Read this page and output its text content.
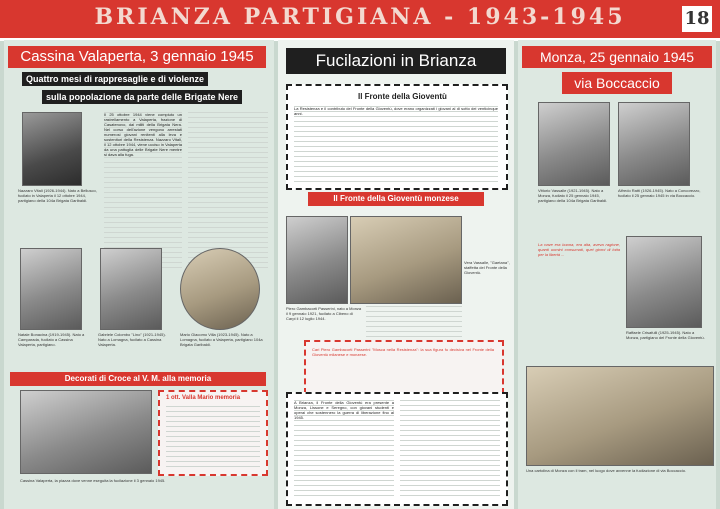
BRIANZA PARTIGIANA - 1943-1945	18
Cassina Valaperta, 3 gennaio 1945
Quattro mesi di rappresaglie e di violenze
sulla popolazione da parte delle Brigate Nere
Nazzaro Vitali (1926-1944). Nato a Bellusco, fucilato in Valaperta il 12 ottobre 1944, partigiano della 104a Brigata Garibaldi.
Il 25 ottobre 1944 viene compiuto un rastrellamento a Valaperta, frazione di Casatenovo, dai militi della Brigata Nera. Nel corso dell'azione vengono arrestati numerosi giovani renitenti alla leva e sostenitori della Resistenza. Nazzaro Vitali, il 12 ottobre 1944, viene ucciso in Valaperta da una pattuglia delle Brigate Nere mentre si dava alla fuga.
Natale Bonacina (1919-1945). Nato a Camparada, fucilato a Cassina Valaperta, partigiano.
Gabriele Colombo "Lino" (1921-1945). Nato a Lomagna, fucilato a Cassina Valaperta.
Mario Giacomo Villa (1923-1945). Nato a Lomagna, fucilato a Valaperta, partigiano 104a Brigata Garibaldi.
Decorati di Croce al V. M. alla memoria
1 ott. Valla Mario memoria
Cassina Valaperta, la piazza dove venne eseguita la fucilazione il 3 gennaio 1945.
Fucilazioni in Brianza
Il Fronte della Gioventù
La Resistenza e il contributo del Fronte della Gioventù, dove erano organizzati i giovani al di sotto dei venticinque anni.
Il Fronte della Gioventù monzese
Vera Vassalle, "Gaetana", staffetta del Fronte della Gioventù.
Piero Gambacorti Passerini, nato a Monza il 9 gennaio 1921, fucilato a Cibeno di Carpi il 12 luglio 1944.
Cari Piero Gambacorti Passerini "Mosca nella Resistenza": la sua figura fu decisiva nel Fronte della Gioventù milanese e monzese.
A Brianza, il Fronte della Gioventù era presente a Monza, Lissone e Seregno, con giovani studenti e operai che sostennero la guerra di liberazione fino al 1945.
Monza, 25 gennaio 1945
via Boccaccio
Vittorio Vassalle (1921-1945). Nato a Monza, fucilato il 25 gennaio 1945, partigiano della 104a Brigata Garibaldi.
Alfredo Ratti (1926-1945). Nato a Concorezzo, fucilato il 25 gennaio 1945 in via Boccaccio.
La nave era buona, era alta, aveva ragione, quanti uomini consumati, quei giorni di lotta per la libertà ...
Raffaele Crisafulli (1925-1945). Nato a Monza, partigiano del Fronte della Gioventù.
Una cartolina di Monza con il tram, nel luogo dove avvenne la fucilazione di via Boccaccio.
